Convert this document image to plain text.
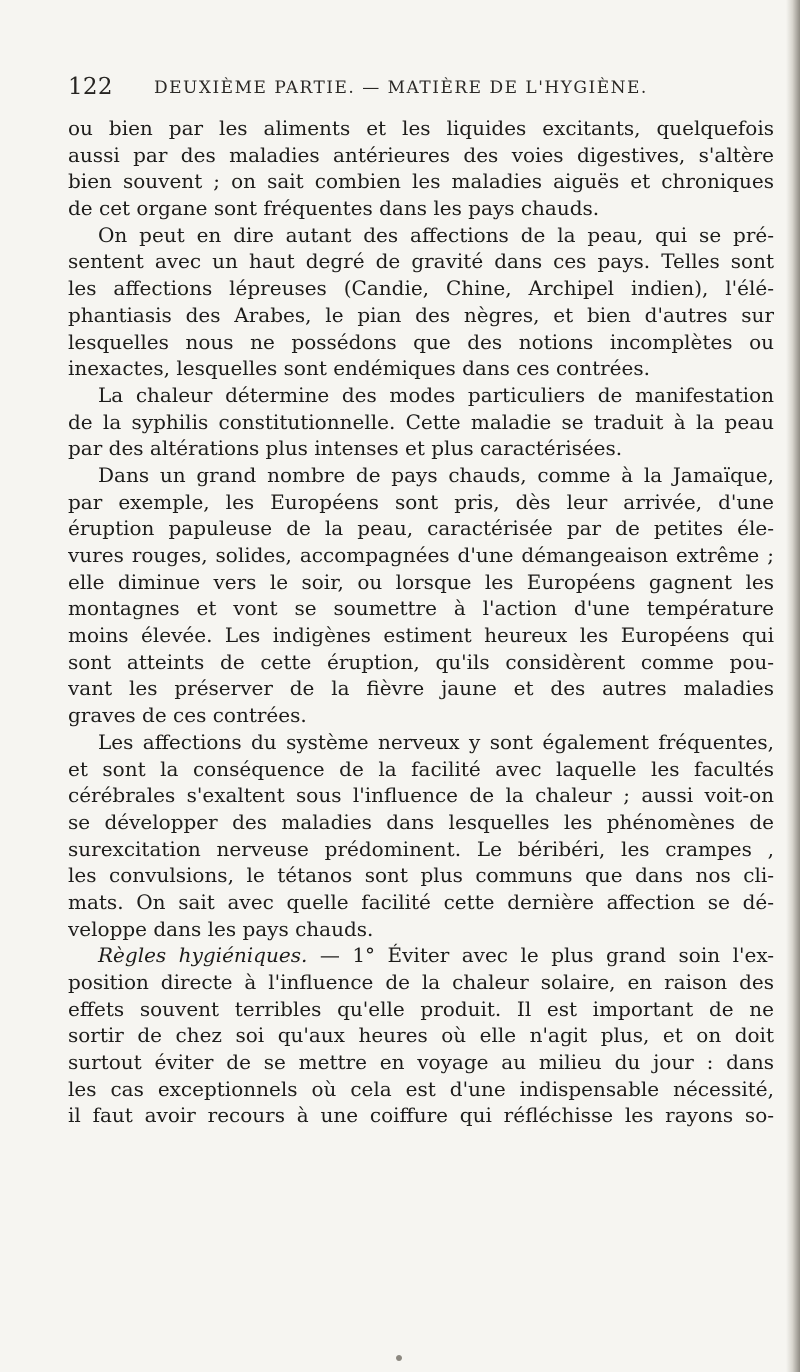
122 DEUXIÈME PARTIE. — MATIÈRE DE L'HYGIÈNE.
ou bien par les aliments et les liquides excitants, quelquefois
aussi par des maladies antérieures des voies digestives, s'altère
bien souvent ; on sait combien les maladies aiguës et chroniques
de cet organe sont fréquentes dans les pays chauds.
On peut en dire autant des affections de la peau, qui se pré-
sentent avec un haut degré de gravité dans ces pays. Telles sont
les affections lépreuses (Candie, Chine, Archipel indien), l'élé-
phantiasis des Arabes, le pian des nègres, et bien d'autres sur
lesquelles nous ne possédons que des notions incomplètes ou
inexactes, lesquelles sont endémiques dans ces contrées.
La chaleur détermine des modes particuliers de manifestation
de la syphilis constitutionnelle. Cette maladie se traduit à la peau
par des altérations plus intenses et plus caractérisées.
Dans un grand nombre de pays chauds, comme à la Jamaïque,
par exemple, les Européens sont pris, dès leur arrivée, d'une
éruption papuleuse de la peau, caractérisée par de petites éle-
vures rouges, solides, accompagnées d'une démangeaison extrême ;
elle diminue vers le soir, ou lorsque les Européens gagnent les
montagnes et vont se soumettre à l'action d'une température
moins élevée. Les indigènes estiment heureux les Européens qui
sont atteints de cette éruption, qu'ils considèrent comme pou-
vant les préserver de la fièvre jaune et des autres maladies
graves de ces contrées.
Les affections du système nerveux y sont également fréquentes,
et sont la conséquence de la facilité avec laquelle les facultés
cérébrales s'exaltent sous l'influence de la chaleur ; aussi voit-on
se développer des maladies dans lesquelles les phénomènes de
surexcitation nerveuse prédominent. Le béribéri, les crampes ,
les convulsions, le tétanos sont plus communs que dans nos cli-
mats. On sait avec quelle facilité cette dernière affection se dé-
veloppe dans les pays chauds.
Règles hygiéniques. — 1° Éviter avec le plus grand soin l'ex-
position directe à l'influence de la chaleur solaire, en raison des
effets souvent terribles qu'elle produit. Il est important de ne
sortir de chez soi qu'aux heures où elle n'agit plus, et on doit
surtout éviter de se mettre en voyage au milieu du jour : dans
les cas exceptionnels où cela est d'une indispensable nécessité,
il faut avoir recours à une coiffure qui réfléchisse les rayons so-
